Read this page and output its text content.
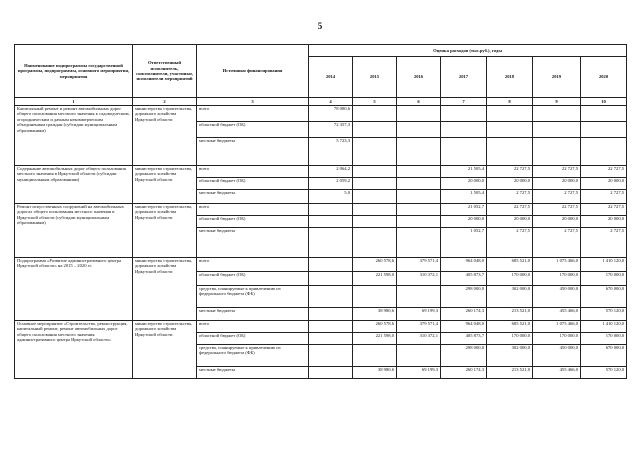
5
Наименование подпрограммы государственной программы, подпрограммы, основного мероприятия, мероприятия	Ответственный исполнитель, соисполнители, участники, исполнители мероприятий	Источники финансирования	Оценка расходов (тыс.руб.), годы						
			2014	2015	2016	2017	2018	2019	2020
1	2	3	4	5	6	7	8	9	10
Капитальный ремонт и ремонт автомобильных дорог общего пользования местного значения к садоводческим, огородническим и дачным некоммерческим объединениям граждан (субсидии муниципальным образованиям)	министерство строительства, дорожного хозяйства Иркутской области	всего	78 080,6						
		областной бюджет (ОБ)	72 357,3						
		местные бюджеты	5 723,3						
Содержание автомобильных дорог общего пользования местного значения в Иркутской области (субсидии муниципальным образованиям)	министерство строительства, дорожного хозяйства Иркутской области	всего	2 064,2			21 505,4	22 727,5	22 727,5	22 727,5
		областной бюджет (ОБ)	2 059,2			20 000,0	20 000,0	20 000,0	20 000,0
		местные бюджеты	5,0			1 505,4	2 727,5	2 727,5	2 727,5
Ремонт искусственных сооружений на автомобильных дорогах общего пользования местного значения в Иркутской области (субсидии муниципальным образованиям)	министерство строительства, дорожного хозяйства Иркутской области	всего				21 052,7	22 727,5	22 727,5	22 727,5
		областной бюджет (ОБ)				20 000,0	20 000,0	20 000,0	20 000,0
		местные бюджеты				1 052,7	2 727,5	2 727,5	2 727,5
Подпрограмма «Развитие административного центра Иркутской области» на 2015 – 2020 гг.	министерство строительства, дорожного хозяйства Иркутской области	всего		260 578,6	379 571,4	964 048,0	685 521,0	1 075 466,0	1 410 120,0
		областной бюджет (ОБ)		221 598,0	310 372,1	405 873,7	170 000,0	170 000,0	170 000,0
		средства, планируемые к привлечению из федерального бюджета (ФБ)				298 000,0	302 000,0	450 000,0	670 000,0
		местные бюджеты		38 980,6	69 199,3	260 174,3	213 521,0	455 466,0	570 120,0
Основное мероприятие «Строительство, реконструкция, капитальный ремонт, ремонт автомобильных дорог общего пользования местного значения административного центра Иркутской области»	министерство строительства, дорожного хозяйства Иркутской области	всего		260 578,6	379 571,4	964 048,0	685 521,0	1 075 466,0	1 410 120,0
		областной бюджет (ОБ)		221 598,0	310 372,1	405 873,7	170 000,0	170 000,0	170 000,0
		средства, планируемые к привлечению из федерального бюджета (ФБ)				298 000,0	302 000,0	450 000,0	670 000,0
		местные бюджеты		38 980,6	69 199,3	260 174,3	213 521,0	455 466,0	570 120,0
